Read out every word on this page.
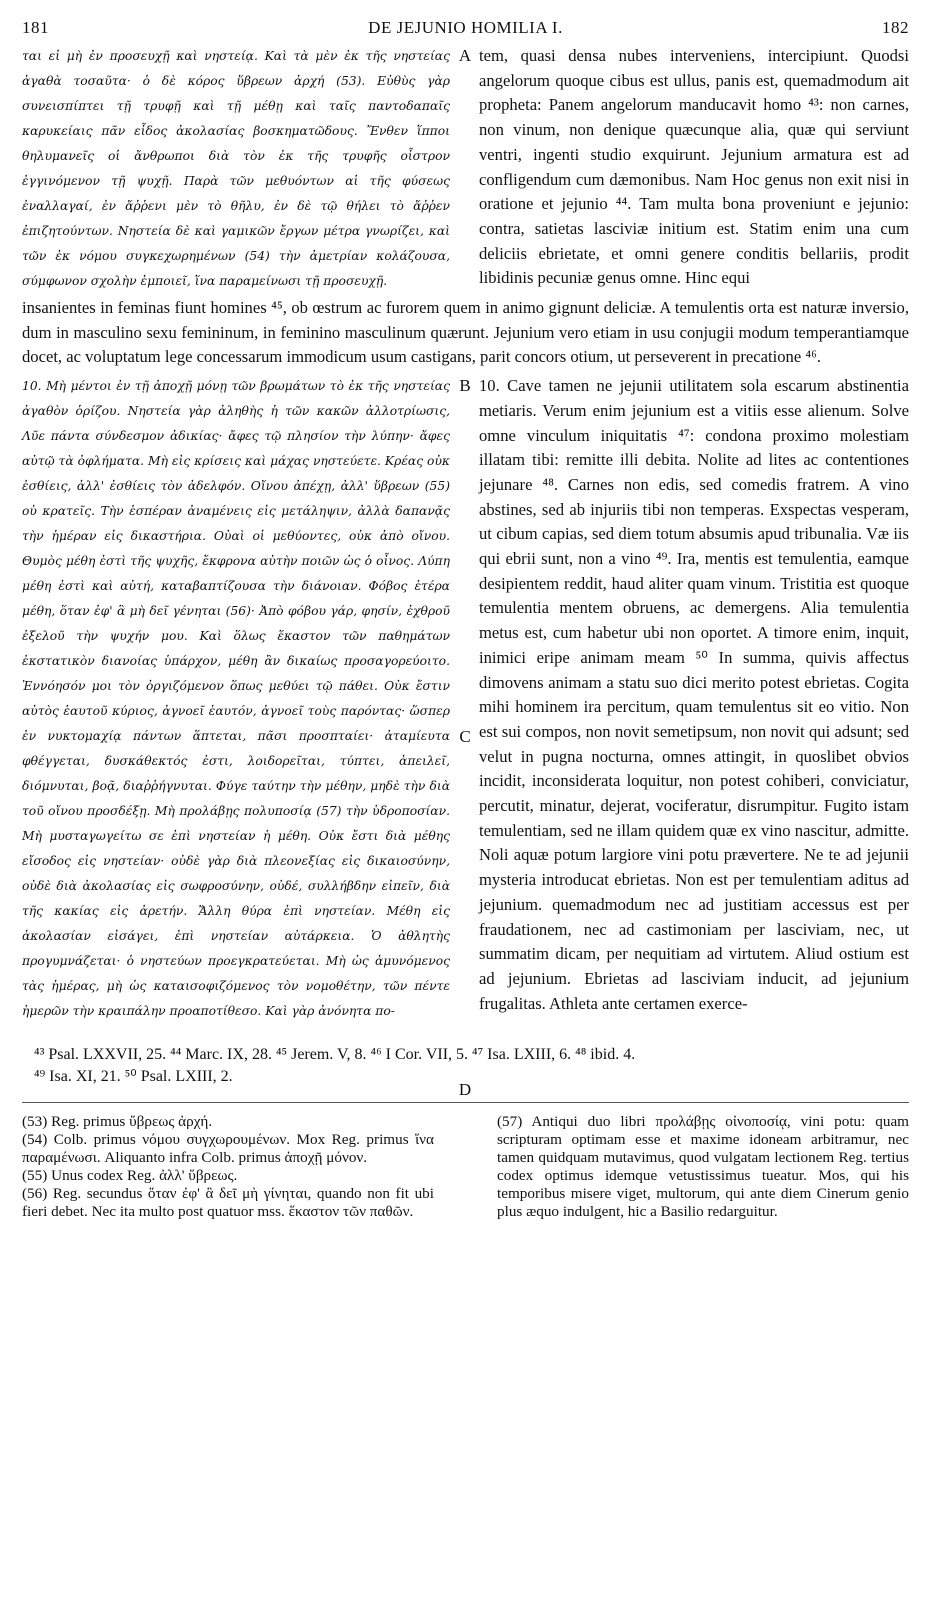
181	DE JEJUNIO HOMILIA I.	182
A

ται εἰ μὴ ἐν προσευχῇ καὶ νηστείᾳ. Καὶ τὰ μὲν ἐκ τῆς νηστείας ἀγαθὰ τοσαῦτα· ὁ δὲ κόρος ὕβρεων ἀρχή (53). Εὐθὺς γὰρ συνεισπίπτει τῇ τρυφῇ καὶ τῇ μέθῃ καὶ ταῖς παντοδαπαῖς καρυκείαις πᾶν εἶδος ἀκολασίας βοσκηματῶδους. Ἔνθεν ἵπποι θηλυμανεῖς οἱ ἄνθρωποι διὰ τὸν ἐκ τῆς τρυφῆς οἶστρον ἐγγινόμενον τῇ ψυχῇ. Παρὰ τῶν μεθυόντων αἱ τῆς φύσεως ἐναλλαγαί, ἐν ἄῤῥενι μὲν τὸ θῆλυ, ἐν δὲ τῷ θήλει τὸ ἄῤῥεν ἐπιζητούντων. Νηστεία δὲ καὶ γαμικῶν ἔργων μέτρα γνωρίζει, καὶ τῶν ἐκ νόμου συγκεχωρημένων (54) τὴν ἀμετρίαν κολάζουσα, σύμφωνον σχολὴν ἐμποιεῖ, ἵνα παραμείνωσι τῇ προσευχῇ.

tem, quasi densa nubes interveniens, intercipiunt. Quodsi angelorum quoque cibus est ullus, panis est, quemadmodum ait propheta: Panem angelorum manducavit homo ⁴³: non carnes, non vinum, non denique quæcunque alia, quæ qui serviunt ventri, ingenti studio exquirunt. Jejunium armatura est ad confligendum cum dæmonibus. Nam Hoc genus non exit nisi in oratione et jejunio ⁴⁴. Tam multa bona proveniunt e jejunio: contra, satietas lasciviæ initium est. Statim enim una cum deliciis ebrietate, et omni genere conditis bellariis, prodit libidinis pecuniæ genus omne. Hinc equi

insanientes in feminas fiunt homines ⁴⁵, ob œstrum ac furorem quem in animo gignunt deliciæ. A temulentis orta est naturæ inversio, dum in masculino sexu femininum, in feminino masculinum quærunt. Jejunium vero etiam in usu conjugii modum temperantiamque docet, ac voluptatum lege concessarum immodicum usum castigans, parit concors otium, ut perseverent in precatione ⁴⁶.

B
C
D

10. Μὴ μέντοι ἐν τῇ ἀποχῇ μόνῃ τῶν βρωμάτων τὸ ἐκ τῆς νηστείας ἀγαθὸν ὁρίζου. Νηστεία γὰρ ἀληθὴς ἡ τῶν κακῶν ἀλλοτρίωσις, Λῦε πάντα σύνδεσμον ἀδικίας· ἄφες τῷ πλησίον τὴν λύπην· ἄφες αὐτῷ τὰ ὀφλήματα. Μὴ εἰς κρίσεις καὶ μάχας νηστεύετε. Κρέας οὐκ ἐσθίεις, ἀλλ' ἐσθίεις τὸν ἀδελφόν. Οἴνου ἀπέχῃ, ἀλλ' ὕβρεων (55) οὐ κρατεῖς. Τὴν ἑσπέραν ἀναμένεις εἰς μετάληψιν, ἀλλὰ δαπανᾷς τὴν ἡμέραν εἰς δικαστήρια. Οὐαὶ οἱ μεθύοντες, οὐκ ἀπὸ οἴνου. Θυμὸς μέθη ἐστὶ τῆς ψυχῆς, ἔκφρονα αὐτὴν ποιῶν ὡς ὁ οἶνος. Λύπη μέθη ἐστὶ καὶ αὐτή, καταβαπτίζουσα τὴν διάνοιαν. Φόβος ἑτέρα μέθη, ὅταν ἐφ' ἃ μὴ δεῖ γένηται (56)· Ἀπὸ φόβου γάρ, φησίν, ἐχθροῦ ἐξελοῦ τὴν ψυχήν μου. Καὶ ὅλως ἕκαστον τῶν παθημάτων ἐκστατικὸν διανοίας ὑπάρχον, μέθη ἂν δικαίως προσαγορεύοιτο. Ἐννόησόν μοι τὸν ὀργιζόμενον ὅπως μεθύει τῷ πάθει. Οὐκ ἔστιν αὐτὸς ἑαυτοῦ κύριος, ἀγνοεῖ ἑαυτόν, ἀγνοεῖ τοὺς παρόντας· ὥσπερ ἐν νυκτομαχίᾳ πάντων ἅπτεται, πᾶσι προσπταίει· ἀταμίευτα φθέγγεται, δυσκάθεκτός ἐστι, λοιδορεῖται, τύπτει, ἀπειλεῖ, διόμνυται, βοᾷ, διαῤῥήγνυται. Φύγε ταύτην τὴν μέθην, μηδὲ τὴν διὰ τοῦ οἴνου προσδέξῃ. Μὴ προλάβῃς πολυποσίᾳ (57) τὴν ὑδροποσίαν. Μὴ μυσταγωγείτω σε ἐπὶ νηστείαν ἡ μέθη. Οὐκ ἔστι διὰ μέθης εἴσοδος εἰς νηστείαν· οὐδὲ γὰρ διὰ πλεονεξίας εἰς δικαιοσύνην, οὐδὲ διὰ ἀκολασίας εἰς σωφροσύνην, οὐδέ, συλλήβδην εἰπεῖν, διὰ τῆς κακίας εἰς ἀρετήν. Ἄλλη θύρα ἐπὶ νηστείαν. Μέθη εἰς ἀκολασίαν εἰσάγει, ἐπὶ νηστείαν αὐτάρκεια. Ὁ ἀθλητὴς προγυμνάζεται· ὁ νηστεύων προεγκρατεύεται. Μὴ ὡς ἀμυνόμενος τὰς ἡμέρας, μὴ ὡς καταισοφιζόμενος τὸν νομοθέτην, τῶν πέντε ἡμερῶν τὴν κραιπάλην προαποτίθεσο. Καὶ γὰρ ἀνόνητα πο-

10. Cave tamen ne jejunii utilitatem sola escarum abstinentia metiaris. Verum enim jejunium est a vitiis esse alienum. Solve omne vinculum iniquitatis ⁴⁷: condona proximo molestiam illatam tibi: remitte illi debita. Nolite ad lites ac contentiones jejunare ⁴⁸. Carnes non edis, sed comedis fratrem. A vino abstines, sed ab injuriis tibi non temperas. Exspectas vesperam, ut cibum capias, sed diem totum absumis apud tribunalia. Væ iis qui ebrii sunt, non a vino ⁴⁹. Ira, mentis est temulentia, eamque desipientem reddit, haud aliter quam vinum. Tristitia est quoque temulentia mentem obruens, ac demergens. Alia temulentia metus est, cum habetur ubi non oportet. A timore enim, inquit, inimici eripe animam meam ⁵⁰ In summa, quivis affectus dimovens animam a statu suo dici merito potest ebrietas. Cogita mihi hominem ira percitum, quam temulentus sit eo vitio. Non est sui compos, non novit semetipsum, non novit qui adsunt; sed velut in pugna nocturna, omnes attingit, in quoslibet obvios incidit, inconsiderata loquitur, non potest cohiberi, conviciatur, percutit, minatur, dejerat, vociferatur, disrumpitur. Fugito istam temulentiam, sed ne illam quidem quæ ex vino nascitur, admitte. Noli aquæ potum largiore vini potu prævertere. Ne te ad jejunii mysteria introducat ebrietas. Non est per temulentiam aditus ad jejunium. quemadmodum nec ad justitiam accessus est per fraudationem, nec ad castimoniam per lasciviam, nec, ut summatim dicam, per nequitiam ad virtutem. Aliud ostium est ad jejunium. Ebrietas ad lasciviam inducit, ad jejunium frugalitas. Athleta ante certamen exerce-

⁴³ Psal. LXXVII, 25. ⁴⁴ Marc. IX, 28. ⁴⁵ Jerem. V, 8. ⁴⁶ I Cor. VII, 5. ⁴⁷ Isa. LXIII, 6. ⁴⁸ ibid. 4.
⁴⁹ Isa. XI, 21. ⁵⁰ Psal. LXIII, 2.

(53) Reg. primus ὕβρεως ἀρχή.

(54) Colb. primus νόμου συγχωρουμένων. Mox Reg. primus ἵνα παραμένωσι. Aliquanto infra Colb. primus ἀποχῇ μόνον.

(55) Unus codex Reg. ἀλλ' ὕβρεως.

(56) Reg. secundus ὅταν ἐφ' ἃ δεῖ μὴ γίνηται, quando non fit ubi fieri debet. Nec ita multo post quatuor mss. ἕκαστον τῶν παθῶν.

(57) Antiqui duo libri προλάβῃς οἰνοποσίᾳ, vini potu: quam scripturam optimam esse et maxime idoneam arbitramur, nec tamen quidquam mutavimus, quod vulgatam lectionem Reg. tertius codex optimus idemque vetustissimus tueatur. Mos, qui his temporibus misere viget, multorum, qui ante diem Cinerum genio plus æquo indulgent, hic a Basilio redarguitur.
